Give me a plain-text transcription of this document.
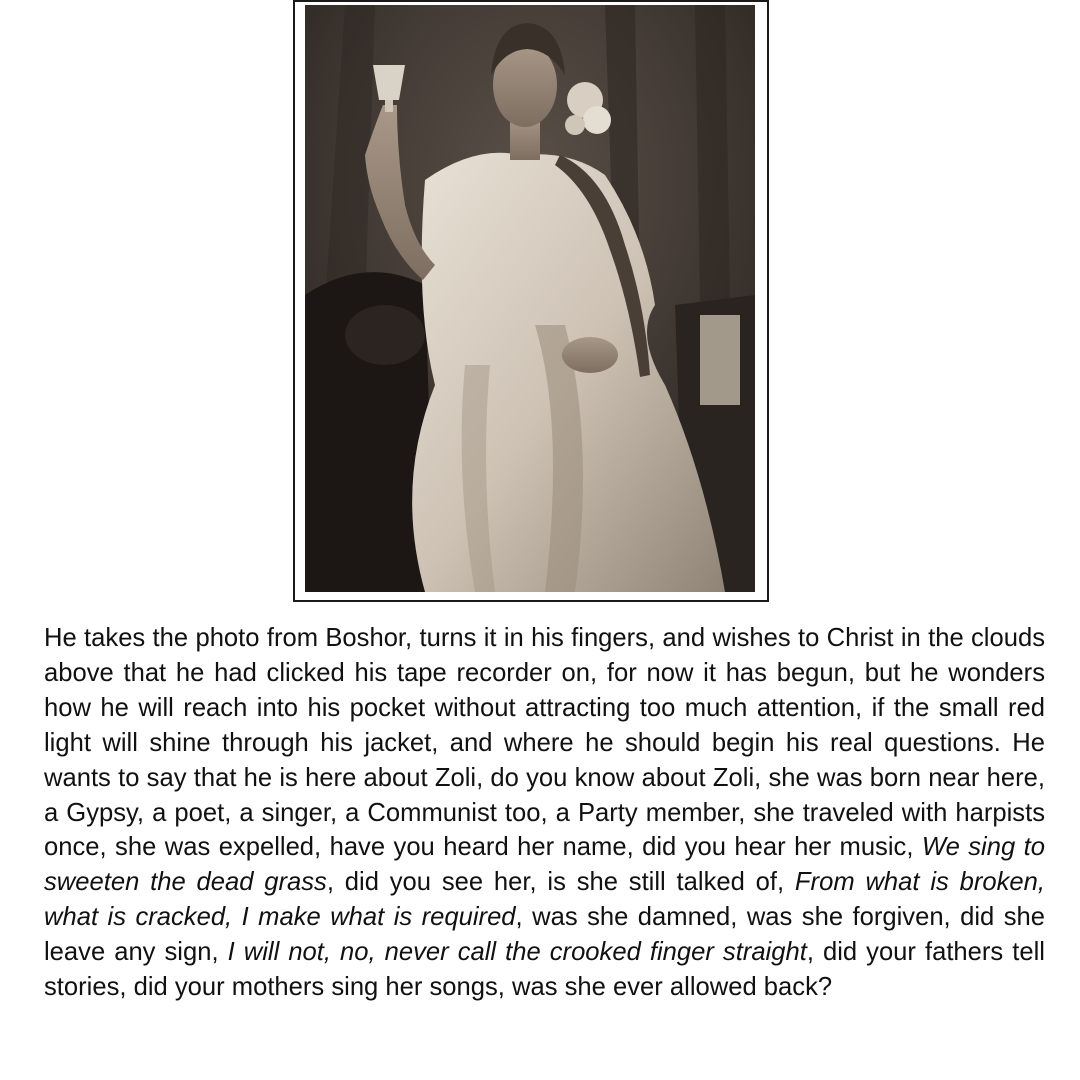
He takes the photo from Boshor, turns it in his fingers, and wishes to Christ in the clouds above that he had clicked his tape recorder on, for now it has begun, but he wonders how he will reach into his pocket without attracting too much attention, if the small red light will shine through his jacket, and where he should begin his real questions. He wants to say that he is here about Zoli, do you know about Zoli, she was born near here, a Gypsy, a poet, a singer, a Communist too, a Party member, she traveled with harpists once, she was expelled, have you heard her name, did you hear her music, We sing to sweeten the dead grass, did you see her, is she still talked of, From what is broken, what is cracked, I make what is required, was she damned, was she forgiven, did she leave any sign, I will not, no, never call the crooked finger straight, did your fathers tell stories, did your mothers sing her songs, was she ever allowed back?
